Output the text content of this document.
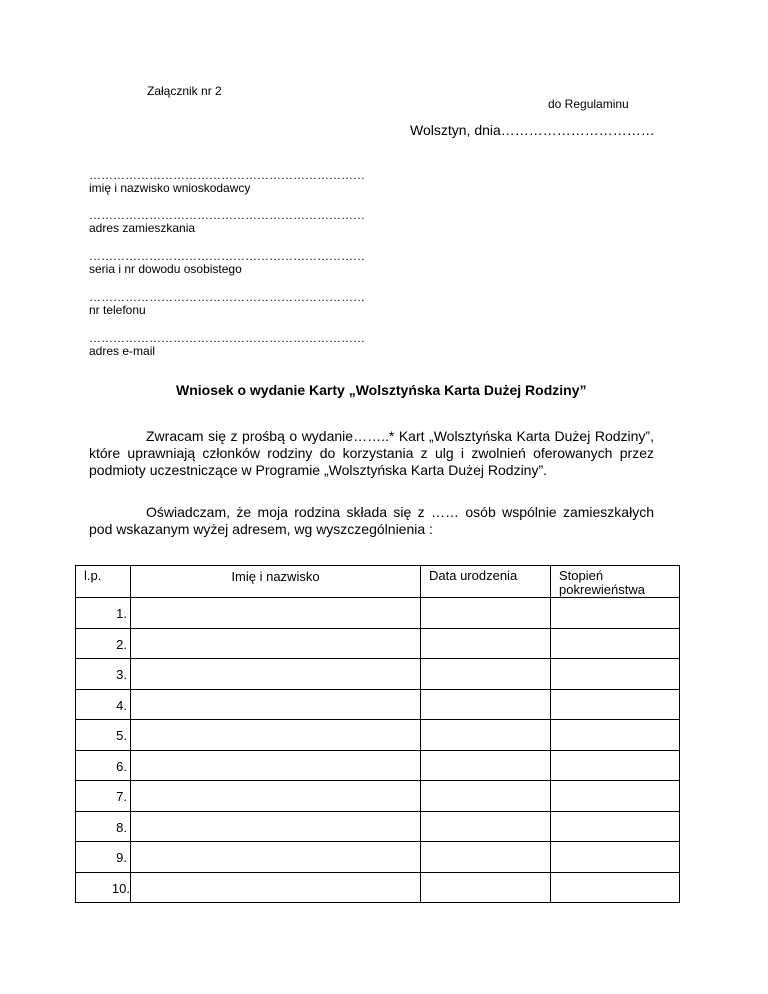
Załącznik nr 2
do Regulaminu
Wolsztyn, dnia……………………………
……………………………………………………………
imię i nazwisko wnioskodawcy
……………………………………………………………
adres zamieszkania
……………………………………………………………
seria i nr dowodu osobistego
……………………………………………………………
nr telefonu
……………………………………………………………
adres e-mail
Wniosek o wydanie Karty „Wolsztyńska Karta Dużej Rodziny”
Zwracam się z prośbą o wydanie……..* Kart „Wolsztyńska Karta Dużej Rodziny”, które uprawniają członków rodziny do korzystania z ulg i zwolnień oferowanych przez podmioty uczestniczące w Programie „Wolsztyńska Karta Dużej Rodziny”.
Oświadczam, że moja rodzina składa się z …… osób wspólnie zamieszkałych pod wskazanym wyżej adresem, wg wyszczególnienia :
l.p.	Imię i nazwisko	Data urodzenia	Stopień pokrewieństwa

1.			

2.			

3.			

4.			

5.			

6.			

7.			

8.			

9.			

10.			
